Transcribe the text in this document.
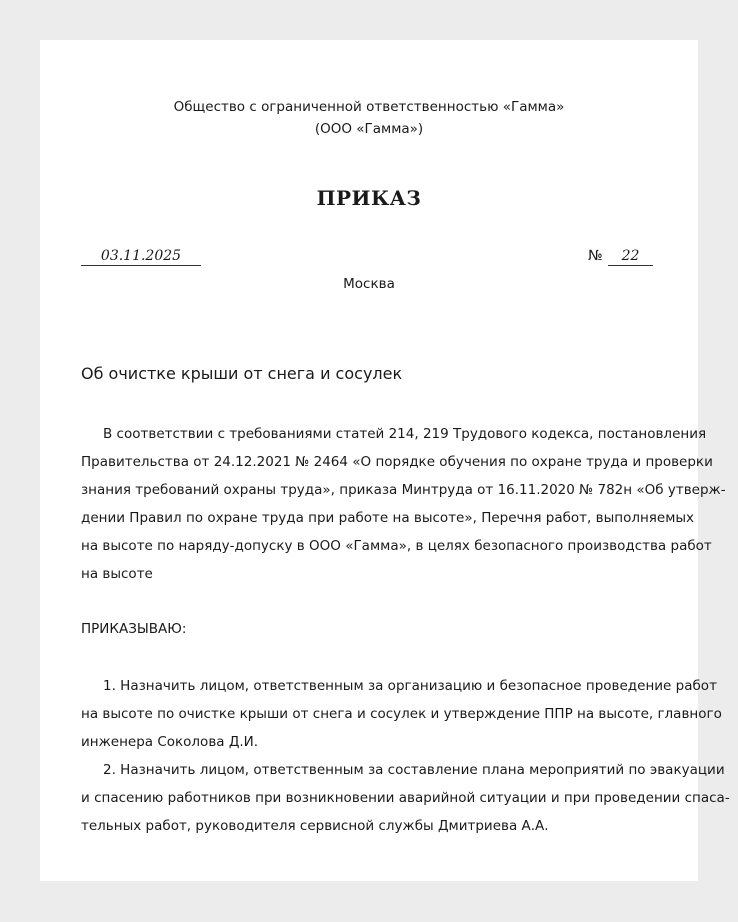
Общество с ограниченной ответственностью «Гамма»
(ООО «Гамма»)
ПРИКАЗ
03.11.2025	№	22
Москва
Об очистке крыши от снега и сосулек
В соответствии с требованиями статей 214, 219 Трудового кодекса, постановления
Правительства от 24.12.2021 № 2464 «О порядке обучения по охране труда и проверки
знания требований охраны труда», приказа Минтруда от 16.11.2020 № 782н «Об утверж-
дении Правил по охране труда при работе на высоте», Перечня работ, выполняемых
на высоте по наряду-допуску в ООО «Гамма», в целях безопасного производства работ
на высоте
ПРИКАЗЫВАЮ:
1. Назначить лицом, ответственным за организацию и безопасное проведение работ
на высоте по очистке крыши от снега и сосулек и утверждение ППР на высоте, главного
инженера Соколова Д.И.
2. Назначить лицом, ответственным за составление плана мероприятий по эвакуации
и спасению работников при возникновении аварийной ситуации и при проведении спаса-
тельных работ, руководителя сервисной службы Дмитриева А.А.
